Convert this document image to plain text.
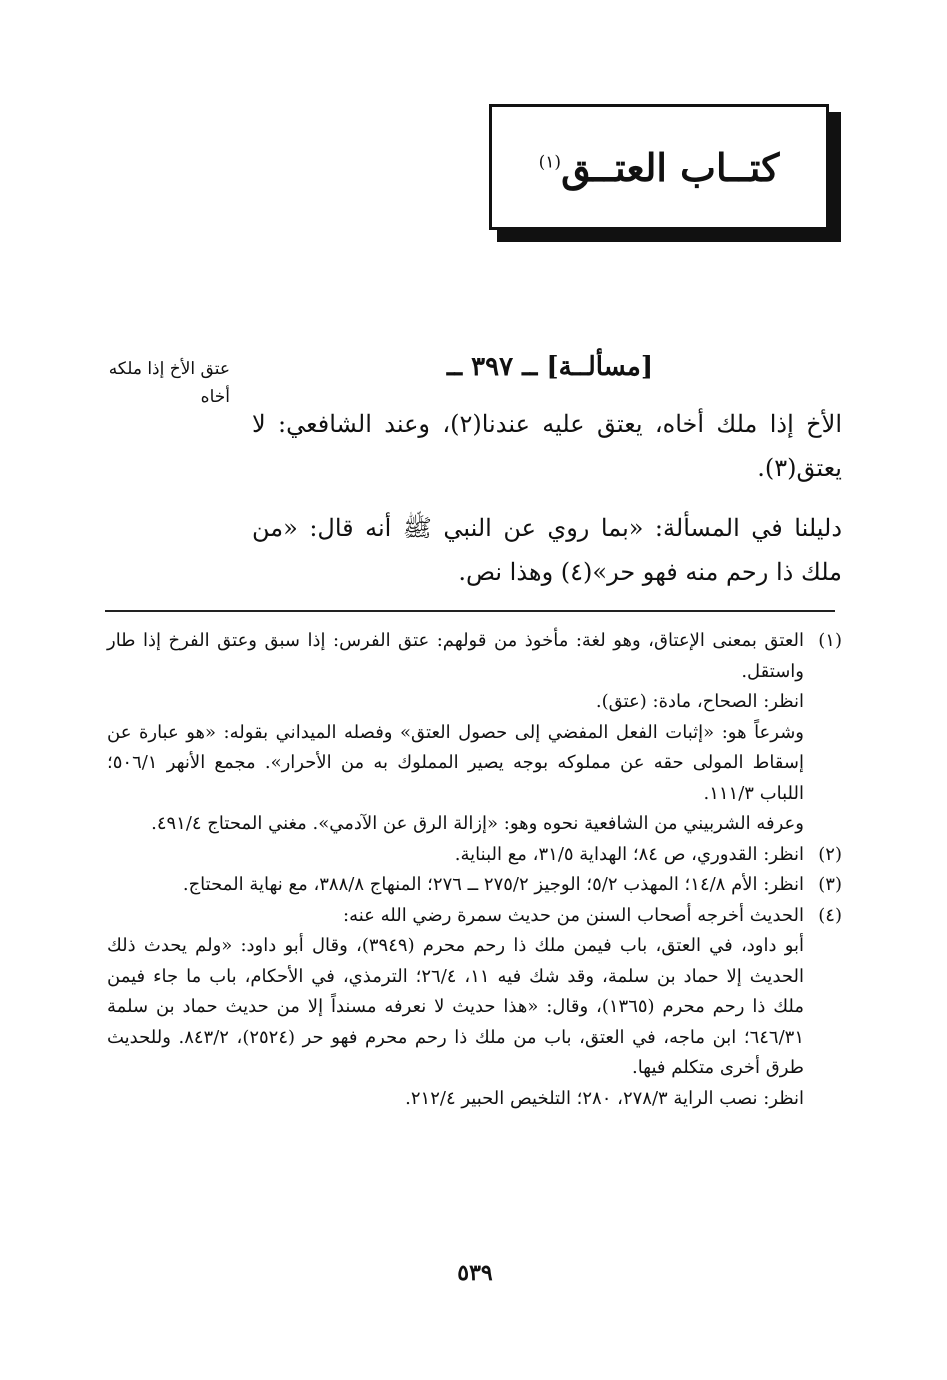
كتــاب العتــق$^{(١)}$
عتق الأخ إذا ملكه
أخاه
[مسألــة] ــ ٣٩٧ ــ
الأخ إذا ملك أخاه، يعتق عليه عندنا(٢)، وعند الشافعي: لا يعتق(٣).
دليلنا في المسألة: «بما روي عن النبي ﷺ أنه قال: «من ملك ذا رحم منه فهو حر»(٤) وهذا نص.
(١)
العتق بمعنى الإعتاق، وهو لغة: مأخوذ من قولهم: عتق الفرس: إذا سبق وعتق الفرخ إذا طار واستقل.
انظر: الصحاح، مادة: (عتق).
وشرعاً هو: «إثبات الفعل المفضي إلى حصول العتق» وفصله الميداني بقوله: «هو عبارة عن إسقاط المولى حقه عن مملوكه بوجه يصير المملوك به من الأحرار». مجمع الأنهر ٥٠٦/١؛ اللباب ١١١/٣.
وعرفه الشربيني من الشافعية نحوه وهو: «إزالة الرق عن الآدمي». مغني المحتاج ٤٩١/٤.
(٢)
انظر: القدوري، ص ٨٤؛ الهداية ٣١/٥، مع البناية.
(٣)
انظر: الأم ١٤/٨؛ المهذب ٥/٢؛ الوجيز ٢٧٥/٢ ــ ٢٧٦؛ المنهاج ٣٨٨/٨، مع نهاية المحتاج.
(٤)
الحديث أخرجه أصحاب السنن من حديث سمرة رضي الله عنه:
أبو داود، في العتق، باب فيمن ملك ذا رحم محرم (٣٩٤٩)، وقال أبو داود: «ولم يحدث ذلك الحديث إلا حماد بن سلمة، وقد شك فيه ١١، ٢٦/٤؛ الترمذي، في الأحكام، باب ما جاء فيمن ملك ذا رحم محرم (١٣٦٥)، وقال: «هذا حديث لا نعرفه مسنداً إلا من حديث حماد بن سلمة ٦٤٦/٣١؛ ابن ماجه، في العتق، باب من ملك ذا رحم محرم فهو حر (٢٥٢٤)، ٨٤٣/٢. وللحديث طرق أخرى متكلم فيها.
انظر: نصب الراية ٢٧٨/٣، ٢٨٠؛ التلخيص الحبير ٢١٢/٤.
٥٣٩
